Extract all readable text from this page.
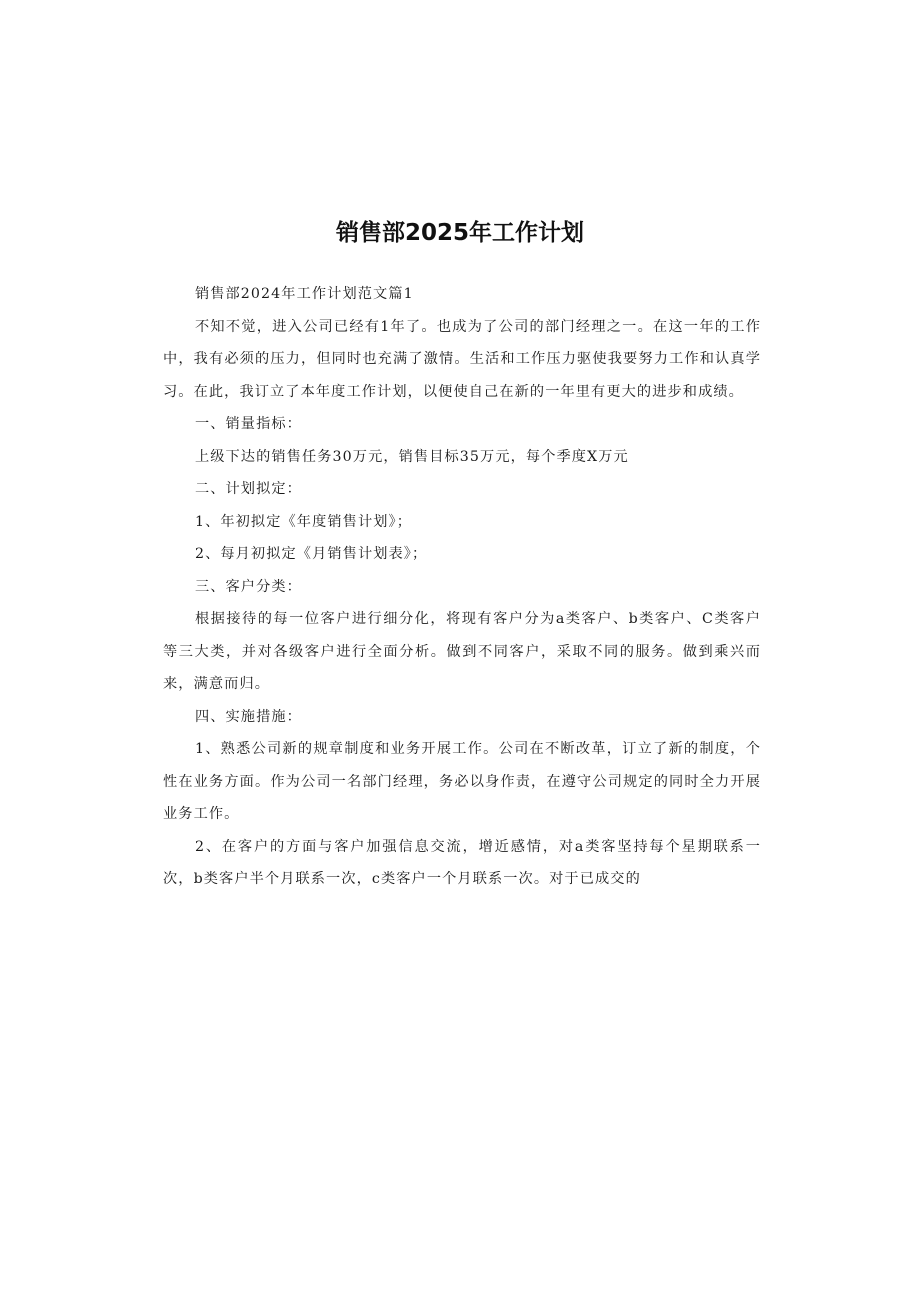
销售部2025年工作计划

销售部2024年工作计划范文篇1

不知不觉，进入公司已经有1年了。也成为了公司的部门经理之一。在这一年的工作中，我有必须的压力，但同时也充满了激情。生活和工作压力驱使我要努力工作和认真学习。在此，我订立了本年度工作计划，以便使自己在新的一年里有更大的进步和成绩。

一、销量指标：

上级下达的销售任务30万元，销售目标35万元，每个季度X万元

二、计划拟定：

1、年初拟定《年度销售计划》；

2、每月初拟定《月销售计划表》；

三、客户分类：

根据接待的每一位客户进行细分化，将现有客户分为a类客户、b类客户、C类客户等三大类，并对各级客户进行全面分析。做到不同客户，采取不同的服务。做到乘兴而来，满意而归。

四、实施措施：

1、熟悉公司新的规章制度和业务开展工作。公司在不断改革，订立了新的制度，个性在业务方面。作为公司一名部门经理，务必以身作责，在遵守公司规定的同时全力开展业务工作。

2、在客户的方面与客户加强信息交流，增近感情，对a类客坚持每个星期联系一次，b类客户半个月联系一次，c类客户一个月联系一次。对于已成交的
